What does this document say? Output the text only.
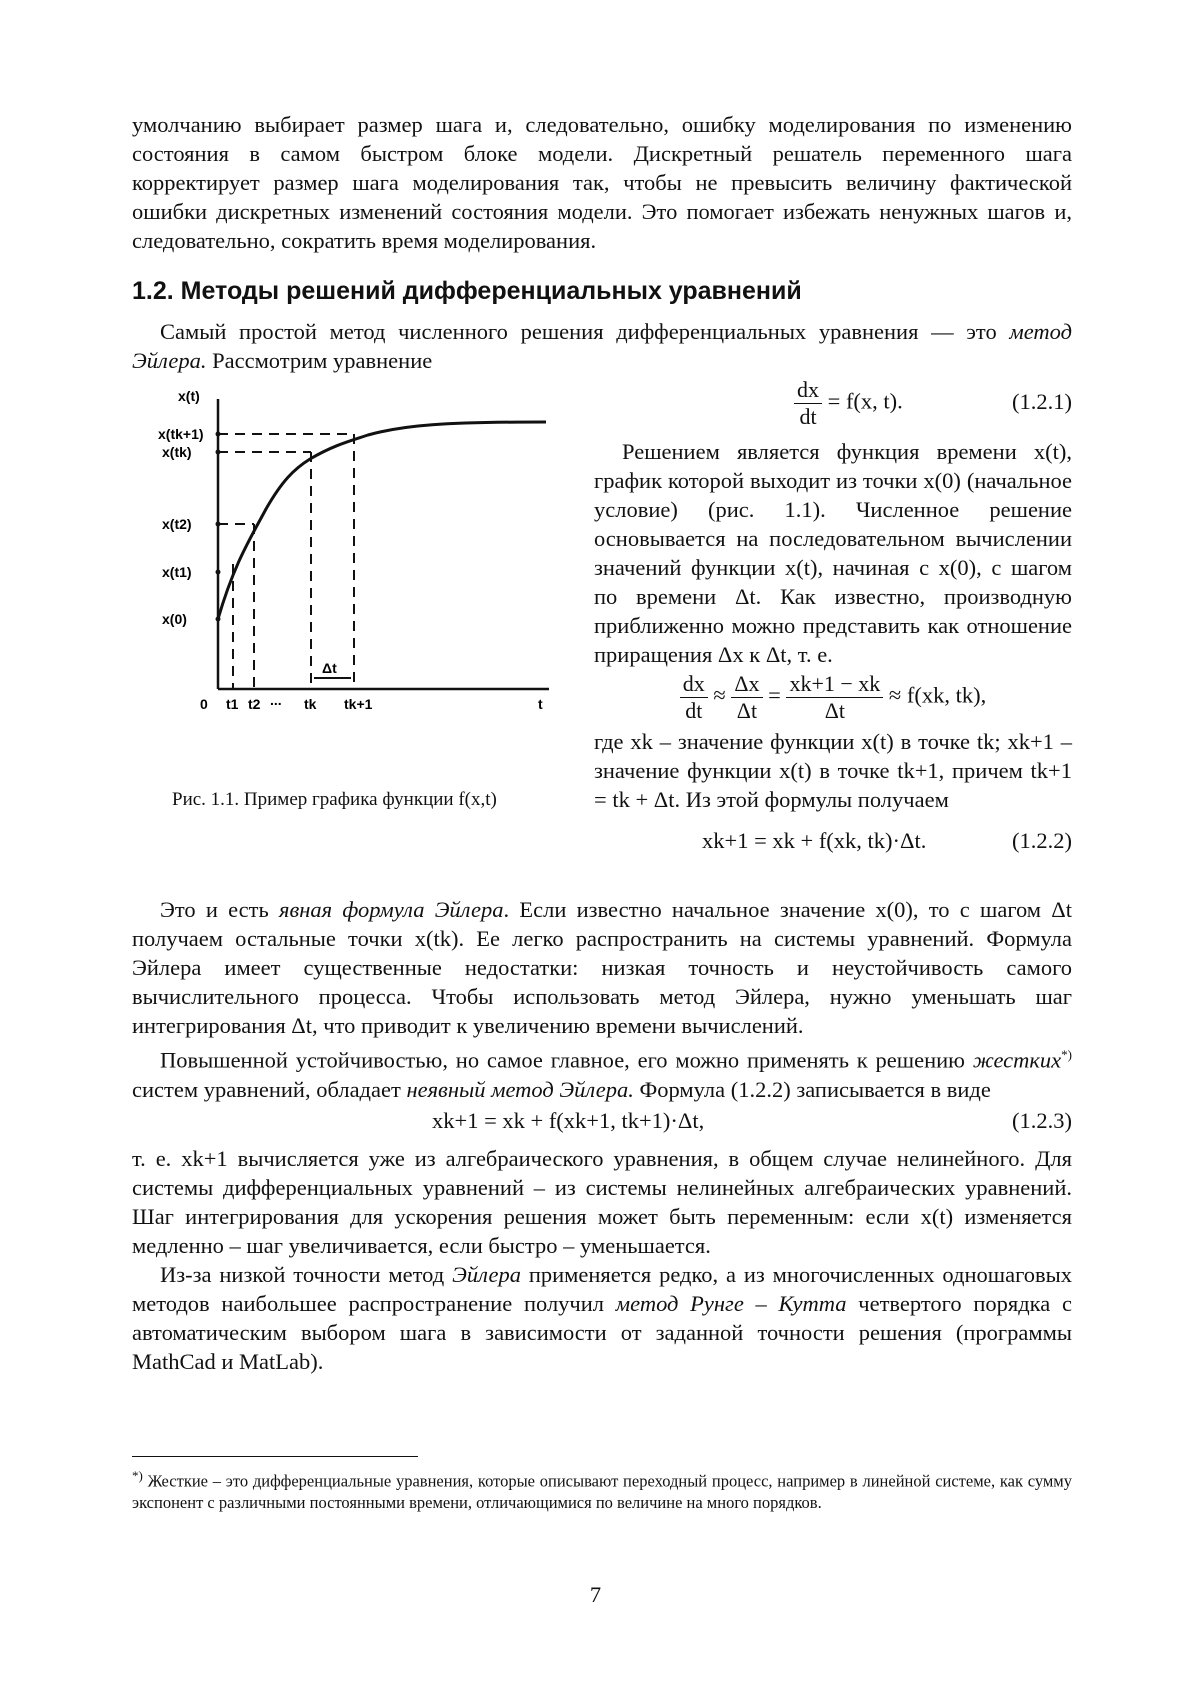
умолчанию выбирает размер шага и, следовательно, ошибку моделирования по изменению состояния в самом быстром блоке модели. Дискретный решатель переменного шага корректирует размер шага моделирования так, чтобы не превысить величину фактической ошибки дискретных изменений состояния модели. Это помогает избежать ненужных шагов и, следовательно, сократить время моделирования.

1.2. Методы решений дифференциальных уравнений

Самый простой метод численного решения дифференциальных уравнения — это метод Эйлера. Рассмотрим уравнение

x(t)
x(tk+1)
x(tk)
x(t2)
x(t1)
x(0)
0 t1 t2 ... tk tk+1
Δt
t
Рис. 1.1. Пример графика функции f(x,t)
$\frac{dx}{dt} = f(x$, t).	(1.2.1)

Решением является функция времени x(t), график которой выходит из точки x(0) (начальное условие) (рис. 1.1). Численное решение основывается на последовательном вычислении значений функции x(t), начиная с x(0), с шагом по времени Δt. Как известно, производную приближенно можно представить как отношение приращения Δx к Δt, т. е.

$\frac{dx}{dt} \approx \frac{\Delta x}{\Delta t} = \frac{xk+1 - xk}{\Delta t} \approx f(xk$, tk),

где xk – значение функции x(t) в точке tk; xk+1 – значение функции x(t) в точке tk+1, причем tk+1 = tk + Δt. Из этой формулы получаем

xk+1 = xk + f(xk, tk)·Δt.	(1.2.2)

Это и есть явная формула Эйлера. Если известно начальное значение x(0), то с шагом Δt получаем остальные точки x(tk). Ее легко распространить на системы уравнений. Формула Эйлера имеет существенные недостатки: низкая точность и неустойчивость самого вычислительного процесса. Чтобы использовать метод Эйлера, нужно уменьшать шаг интегрирования Δt, что приводит к увеличению времени вычислений.

Повышенной устойчивостью, но самое главное, его можно применять к решению жестких*) систем уравнений, обладает неявный метод Эйлера. Формула (1.2.2) записывается в виде

xk+1 = xk + f(xk+1, tk+1)·Δt,	(1.2.3)

т. е. xk+1 вычисляется уже из алгебраического уравнения, в общем случае нелинейного. Для системы дифференциальных уравнений – из системы нелинейных алгебраических уравнений. Шаг интегрирования для ускорения решения может быть переменным: если x(t) изменяется медленно – шаг увеличивается, если быстро – уменьшается.

Из-за низкой точности метод Эйлера применяется редко, а из многочисленных одношаговых методов наибольшее распространение получил метод Рунге – Кутта четвертого порядка с автоматическим выбором шага в зависимости от заданной точности решения (программы MathCad и MatLab).

*) Жесткие – это дифференциальные уравнения, которые описывают переходный процесс, например в линейной системе, как сумму экспонент с различными постоянными времени, отличающимися по величине на много порядков.

7
